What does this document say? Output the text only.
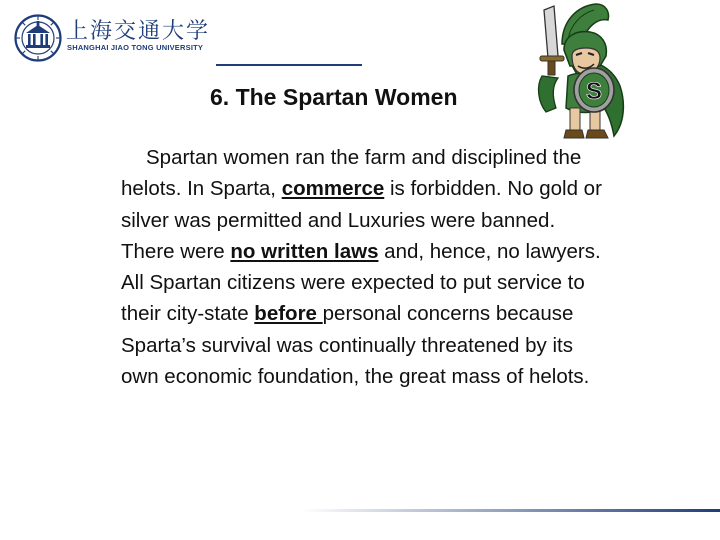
上海交通大学
SHANGHAI JIAO TONG UNIVERSITY
6. The Spartan Women	S
Spartan women ran the farm and disciplined the
helots. In Sparta, commerce is forbidden. No gold or
silver was permitted and Luxuries were banned.
There were no written laws and, hence, no lawyers.
All Spartan citizens were expected to put service to
their city-state before personal concerns because
Sparta’s survival was continually threatened by its
own economic foundation, the great mass of helots.
